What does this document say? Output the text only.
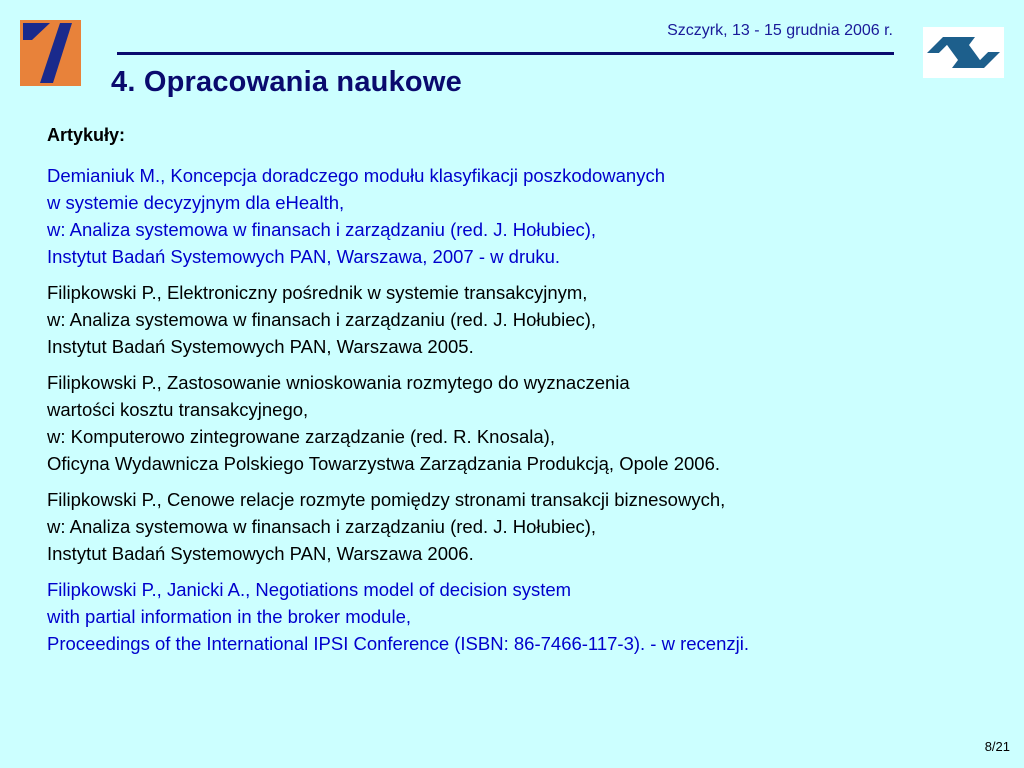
Szczyrk, 13 - 15 grudnia 2006 r.
4. Opracowania naukowe
Artykuły:
Demianiuk M., Koncepcja doradczego modułu klasyfikacji poszkodowanych
w systemie decyzyjnym dla eHealth,
w: Analiza systemowa w finansach i zarządzaniu (red. J. Hołubiec),
Instytut Badań Systemowych PAN, Warszawa, 2007 - w druku.
Filipkowski P., Elektroniczny pośrednik w systemie transakcyjnym,
w: Analiza systemowa w finansach i zarządzaniu (red. J. Hołubiec),
Instytut Badań Systemowych PAN, Warszawa 2005.
Filipkowski P., Zastosowanie wnioskowania rozmytego do wyznaczenia
wartości kosztu transakcyjnego,
w: Komputerowo zintegrowane zarządzanie (red. R. Knosala),
Oficyna Wydawnicza Polskiego Towarzystwa Zarządzania Produkcją, Opole 2006.
Filipkowski P., Cenowe relacje rozmyte pomiędzy stronami transakcji biznesowych,
w: Analiza systemowa w finansach i zarządzaniu (red. J. Hołubiec),
Instytut Badań Systemowych PAN, Warszawa 2006.
Filipkowski P., Janicki A., Negotiations model of decision system
with partial information in the broker module,
Proceedings of the International IPSI Conference (ISBN: 86-7466-117-3). - w recenzji.
8/21
